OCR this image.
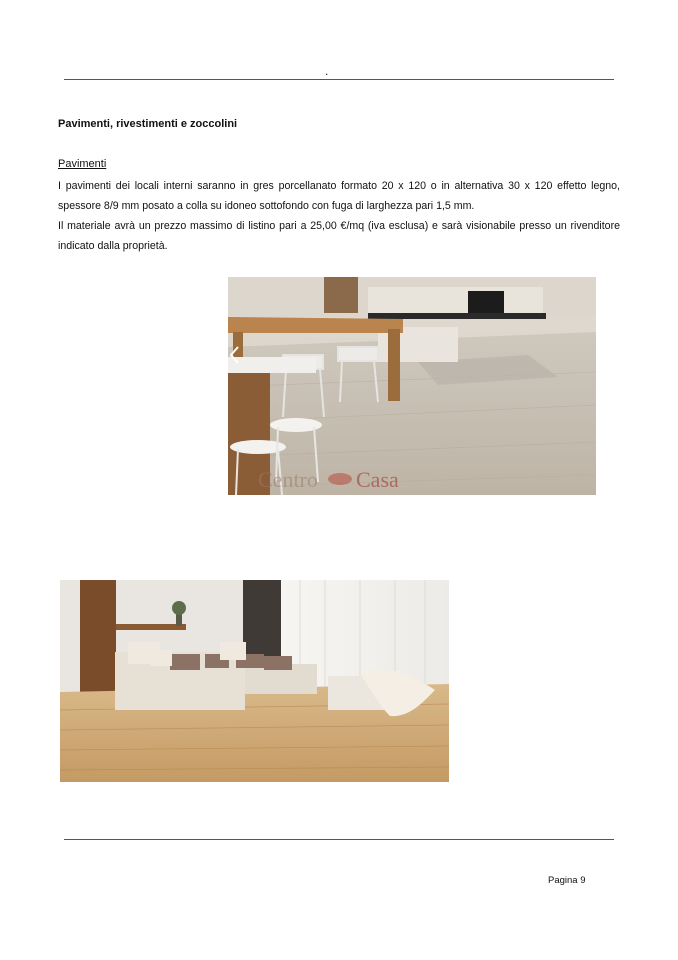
.
Pavimenti, rivestimenti e zoccolini
Pavimenti

I pavimenti dei locali interni saranno in gres porcellanato formato 20 x 120 o in alternativa 30 x 120 effetto legno, spessore 8/9 mm posato a colla su idoneo sottofondo con fuga di larghezza pari 1,5 mm.

Il materiale avrà un prezzo massimo di listino pari a 25,00 €/mq (iva esclusa) e sarà visionabile presso un rivenditore indicato dalla proprietà.

Centro Casa
Pagina 9
